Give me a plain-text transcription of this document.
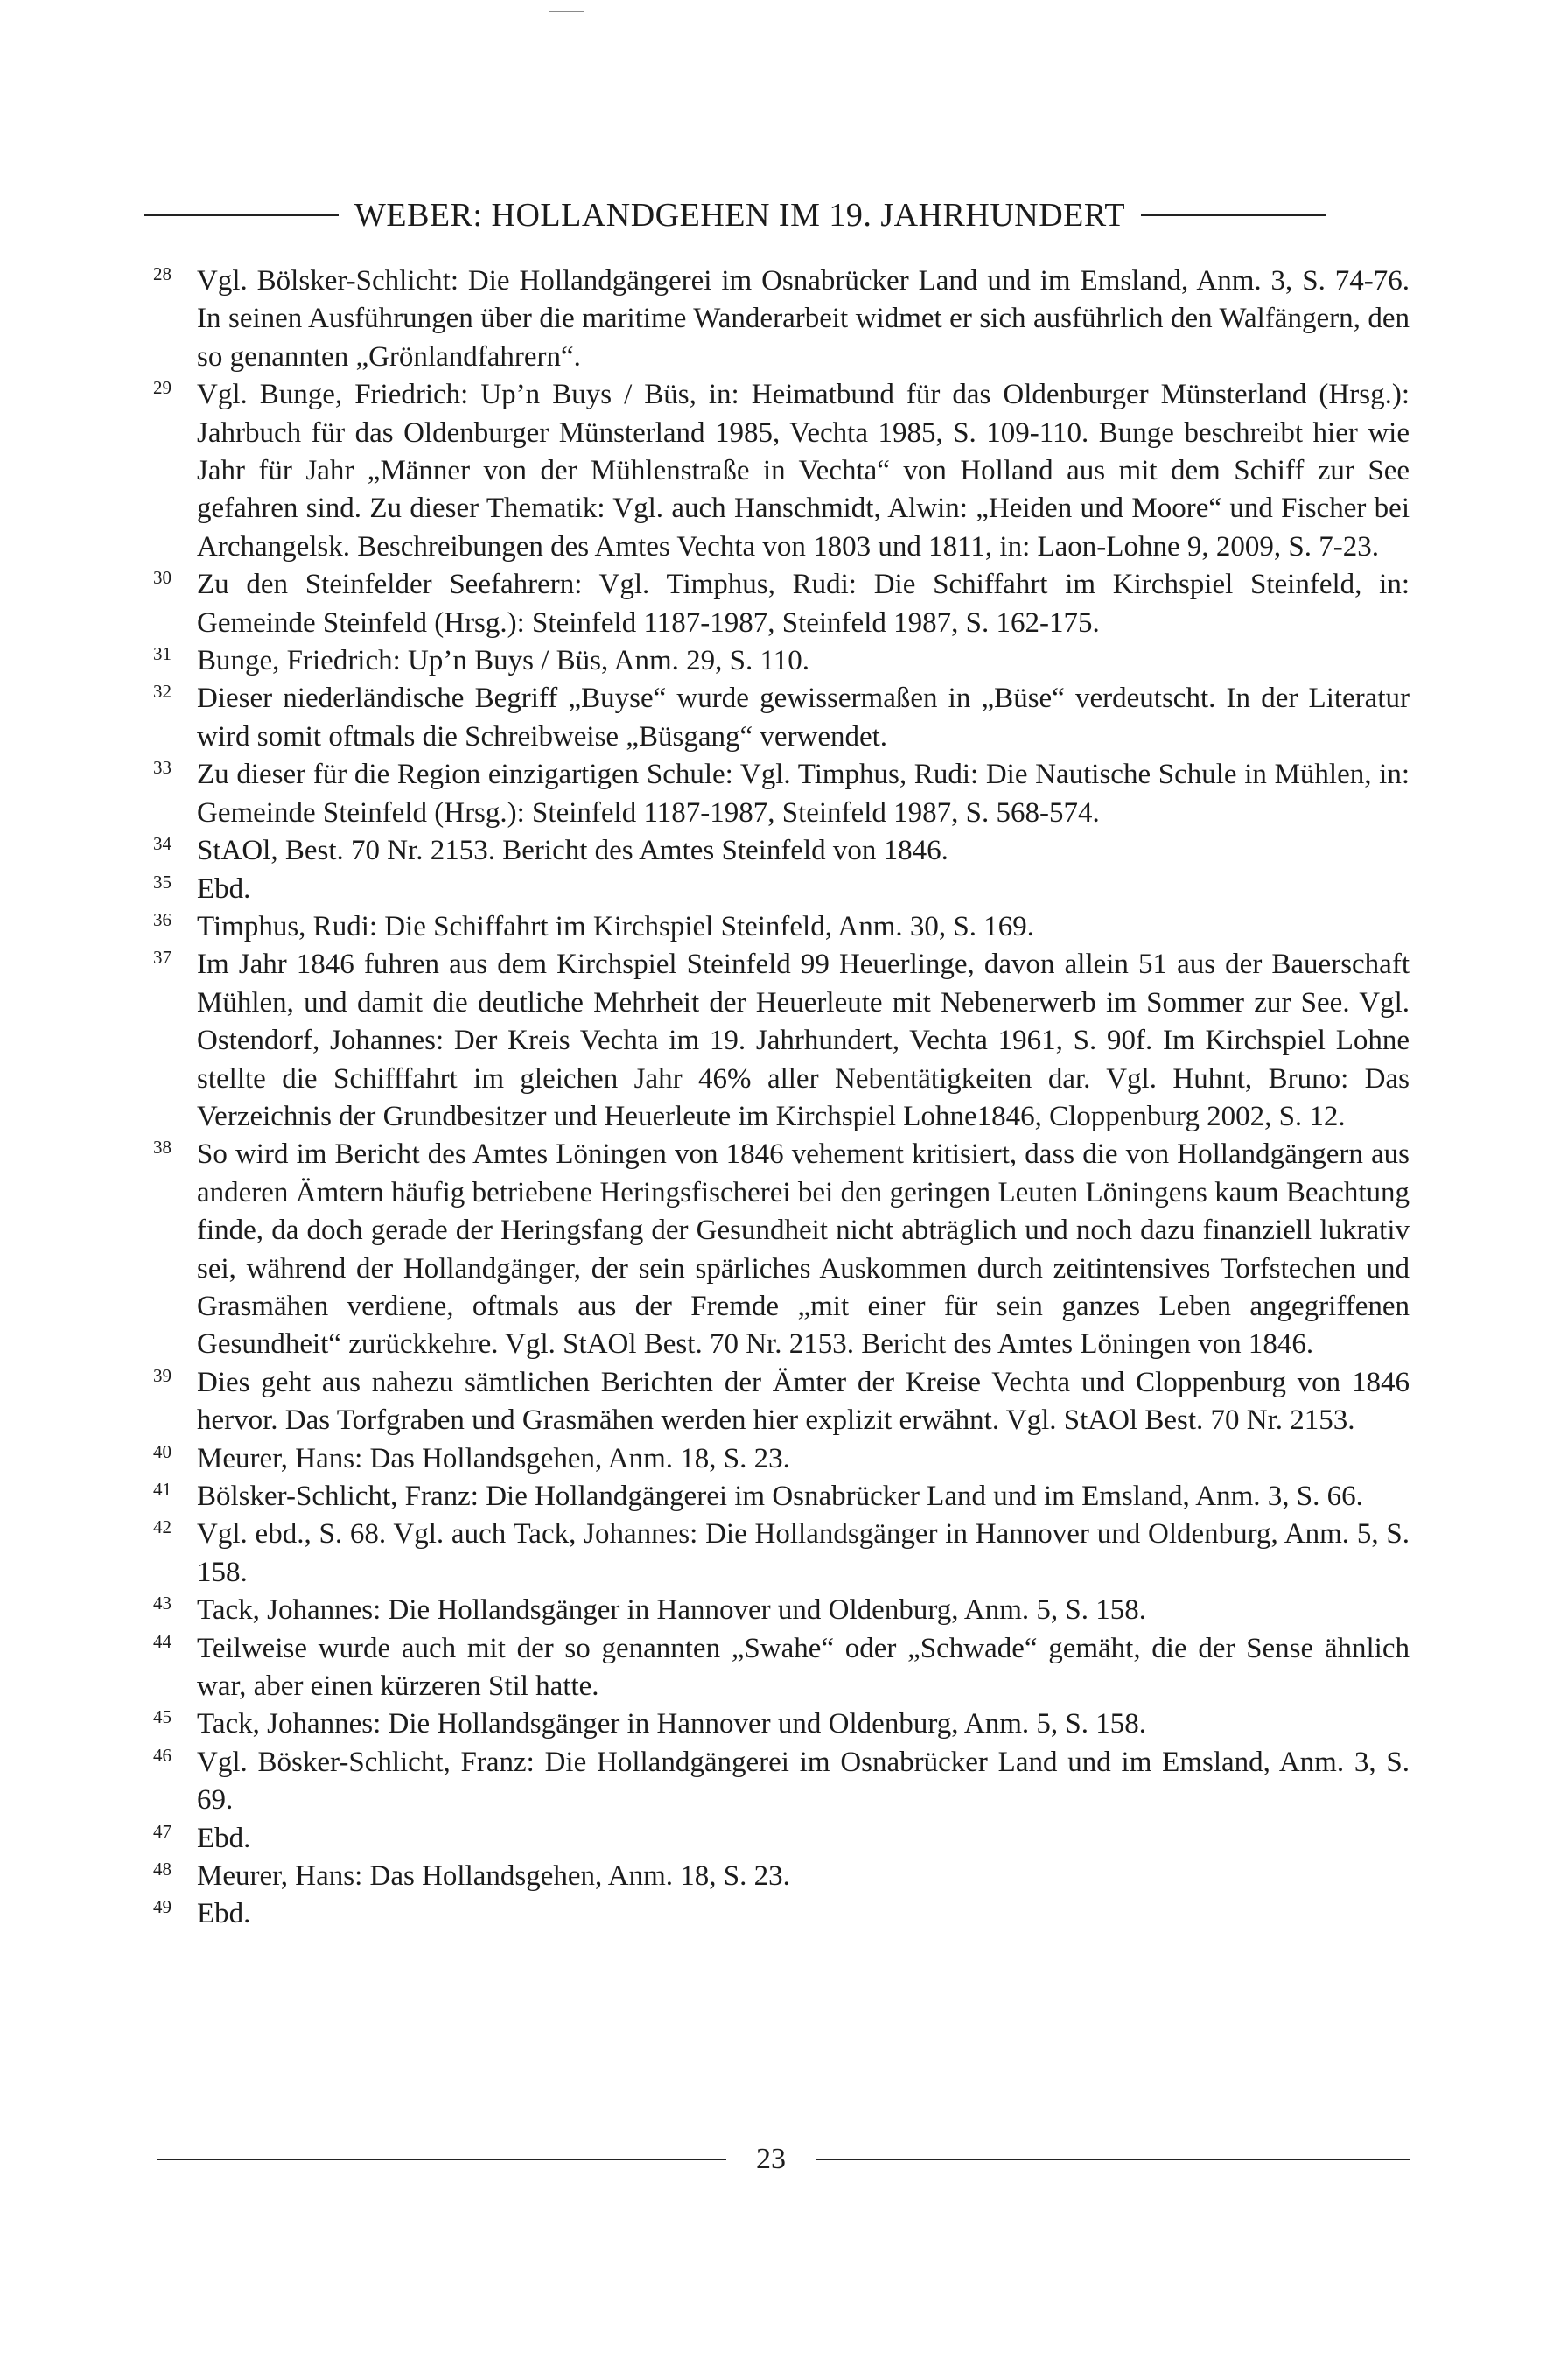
WEBER: HOLLANDGEHEN IM 19. JAHRHUNDERT
28 Vgl. Bölsker-Schlicht: Die Hollandgängerei im Osnabrücker Land und im Emsland, Anm. 3, S. 74-76. In seinen Ausführungen über die maritime Wanderarbeit widmet er sich ausführlich den Walfängern, den so genannten „Grönlandfahrern“.
29 Vgl. Bunge, Friedrich: Up’n Buys / Büs, in: Heimatbund für das Oldenburger Münsterland (Hrsg.): Jahrbuch für das Oldenburger Münsterland 1985, Vechta 1985, S. 109-110. Bunge beschreibt hier wie Jahr für Jahr „Männer von der Mühlenstraße in Vechta“ von Holland aus mit dem Schiff zur See gefahren sind. Zu dieser Thematik: Vgl. auch Hanschmidt, Alwin: „Heiden und Moore“ und Fischer bei Archangelsk. Beschreibungen des Amtes Vechta von 1803 und 1811, in: Laon-Lohne 9, 2009, S. 7-23.
30 Zu den Steinfelder Seefahrern: Vgl. Timphus, Rudi: Die Schiffahrt im Kirchspiel Steinfeld, in: Gemeinde Steinfeld (Hrsg.): Steinfeld 1187-1987, Steinfeld 1987, S. 162-175.
31 Bunge, Friedrich: Up’n Buys / Büs, Anm. 29, S. 110.
32 Dieser niederländische Begriff „Buyse“ wurde gewissermaßen in „Büse“ verdeutscht. In der Literatur wird somit oftmals die Schreibweise „Büsgang“ verwendet.
33 Zu dieser für die Region einzigartigen Schule: Vgl. Timphus, Rudi: Die Nautische Schule in Mühlen, in: Gemeinde Steinfeld (Hrsg.): Steinfeld 1187-1987, Steinfeld 1987, S. 568-574.
34 StAOl, Best. 70 Nr. 2153. Bericht des Amtes Steinfeld von 1846.
35 Ebd.
36 Timphus, Rudi: Die Schiffahrt im Kirchspiel Steinfeld, Anm. 30, S. 169.
37 Im Jahr 1846 fuhren aus dem Kirchspiel Steinfeld 99 Heuerlinge, davon allein 51 aus der Bauerschaft Mühlen, und damit die deutliche Mehrheit der Heuerleute mit Nebenerwerb im Sommer zur See. Vgl. Ostendorf, Johannes: Der Kreis Vechta im 19. Jahrhundert, Vechta 1961, S. 90f. Im Kirchspiel Lohne stellte die Schifffahrt im gleichen Jahr 46% aller Nebentätigkeiten dar. Vgl. Huhnt, Bruno: Das Verzeichnis der Grundbesitzer und Heuerleute im Kirchspiel Lohne1846, Cloppenburg 2002, S. 12.
38 So wird im Bericht des Amtes Löningen von 1846 vehement kritisiert, dass die von Hollandgängern aus anderen Ämtern häufig betriebene Heringsfischerei bei den geringen Leuten Löningens kaum Beachtung finde, da doch gerade der Heringsfang der Gesundheit nicht abträglich und noch dazu finanziell lukrativ sei, während der Hollandgänger, der sein spärliches Auskommen durch zeitintensives Torfstechen und Grasmähen verdiene, oftmals aus der Fremde „mit einer für sein ganzes Leben angegriffenen Gesundheit“ zurückkehre. Vgl. StAOl Best. 70 Nr. 2153. Bericht des Amtes Löningen von 1846.
39 Dies geht aus nahezu sämtlichen Berichten der Ämter der Kreise Vechta und Cloppenburg von 1846 hervor. Das Torfgraben und Grasmähen werden hier explizit erwähnt. Vgl. StAOl Best. 70 Nr. 2153.
40 Meurer, Hans: Das Hollandsgehen, Anm. 18, S. 23.
41 Bölsker-Schlicht, Franz: Die Hollandgängerei im Osnabrücker Land und im Emsland, Anm. 3, S. 66.
42 Vgl. ebd., S. 68. Vgl. auch Tack, Johannes: Die Hollandsgänger in Hannover und Oldenburg, Anm. 5, S. 158.
43 Tack, Johannes: Die Hollandsgänger in Hannover und Oldenburg, Anm. 5, S. 158.
44 Teilweise wurde auch mit der so genannten „Swahe“ oder „Schwade“ gemäht, die der Sense ähnlich war, aber einen kürzeren Stil hatte.
45 Tack, Johannes: Die Hollandsgänger in Hannover und Oldenburg, Anm. 5, S. 158.
46 Vgl. Bösker-Schlicht, Franz: Die Hollandgängerei im Osnabrücker Land und im Emsland, Anm. 3, S. 69.
47 Ebd.
48 Meurer, Hans: Das Hollandsgehen, Anm. 18, S. 23.
49 Ebd.
23
